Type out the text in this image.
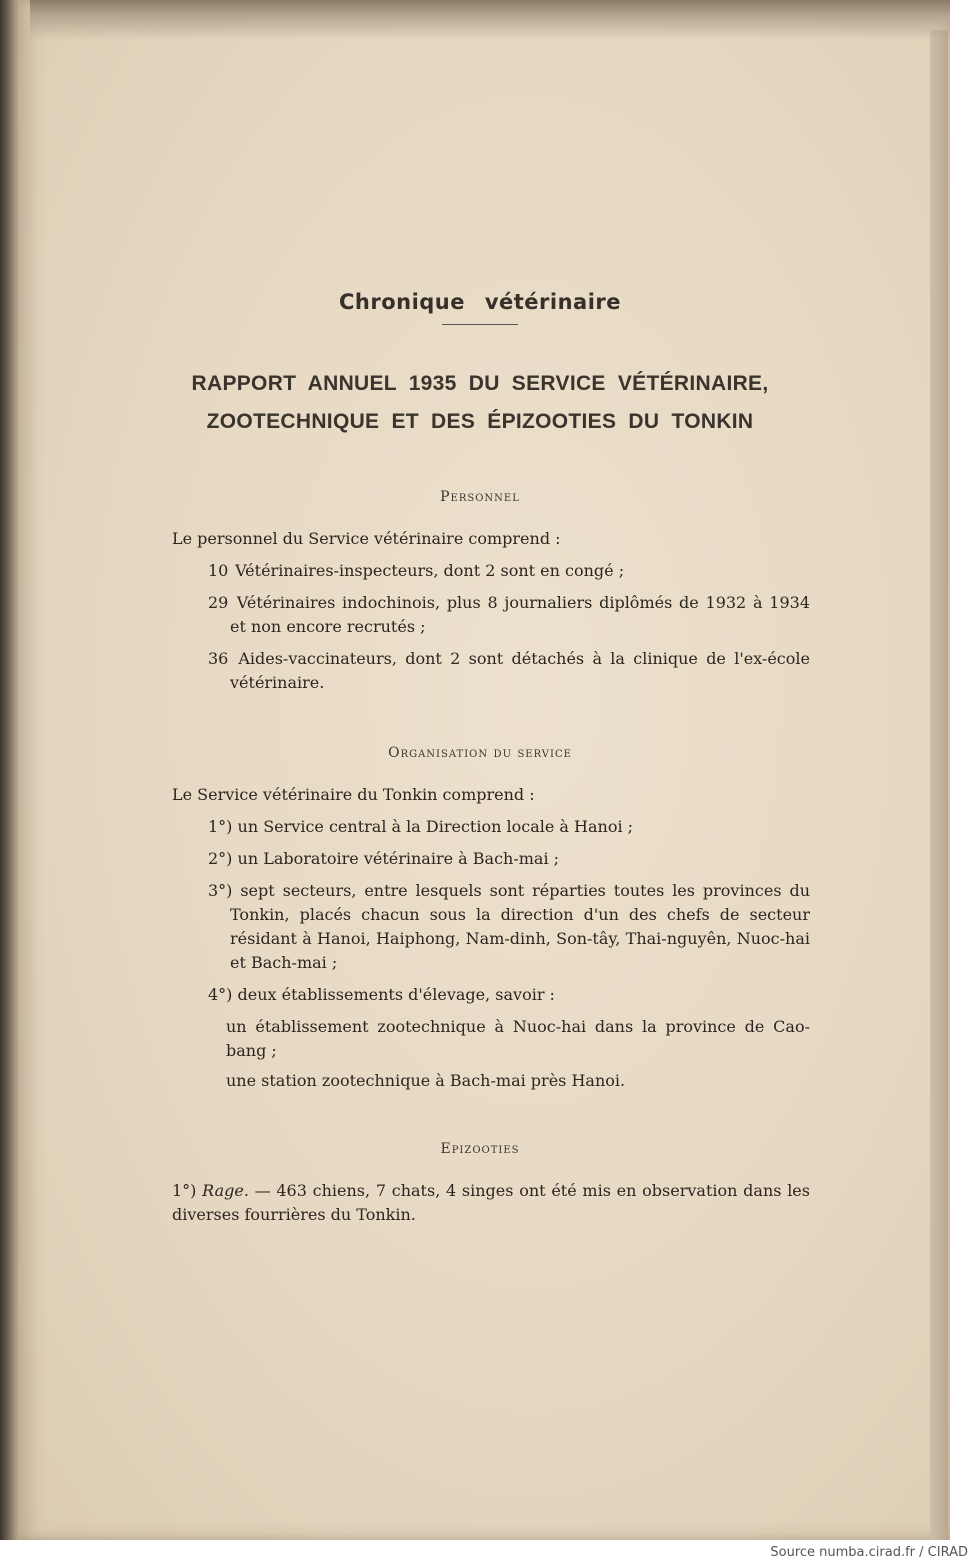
Chronique vétérinaire
RAPPORT ANNUEL 1935 DU SERVICE VÉTÉRINAIRE,
ZOOTECHNIQUE ET DES ÉPIZOOTIES DU TONKIN
Personnel

Le personnel du Service vétérinaire comprend :

10 Vétérinaires-inspecteurs, dont 2 sont en congé ;

29 Vétérinaires indochinois, plus 8 journaliers diplômés de 1932 à 1934 et non encore recrutés ;

36 Aides-vaccinateurs, dont 2 sont détachés à la clinique de l'ex-école vétérinaire.

Organisation du service

Le Service vétérinaire du Tonkin comprend :

1°) un Service central à la Direction locale à Hanoi ;

2°) un Laboratoire vétérinaire à Bach-mai ;

3°) sept secteurs, entre lesquels sont réparties toutes les provinces du Tonkin, placés chacun sous la direction d'un des chefs de secteur résidant à Hanoi, Haiphong, Nam-dinh, Son-tây, Thai-nguyên, Nuoc-hai et Bach-mai ;

4°) deux établissements d'élevage, savoir :

un établissement zootechnique à Nuoc-hai dans la province de Cao-bang ;

une station zootechnique à Bach-mai près Hanoi.

Epizooties

1°) Rage. — 463 chiens, 7 chats, 4 singes ont été mis en observation dans les diverses fourrières du Tonkin.

Source numba.cirad.fr / CIRAD
